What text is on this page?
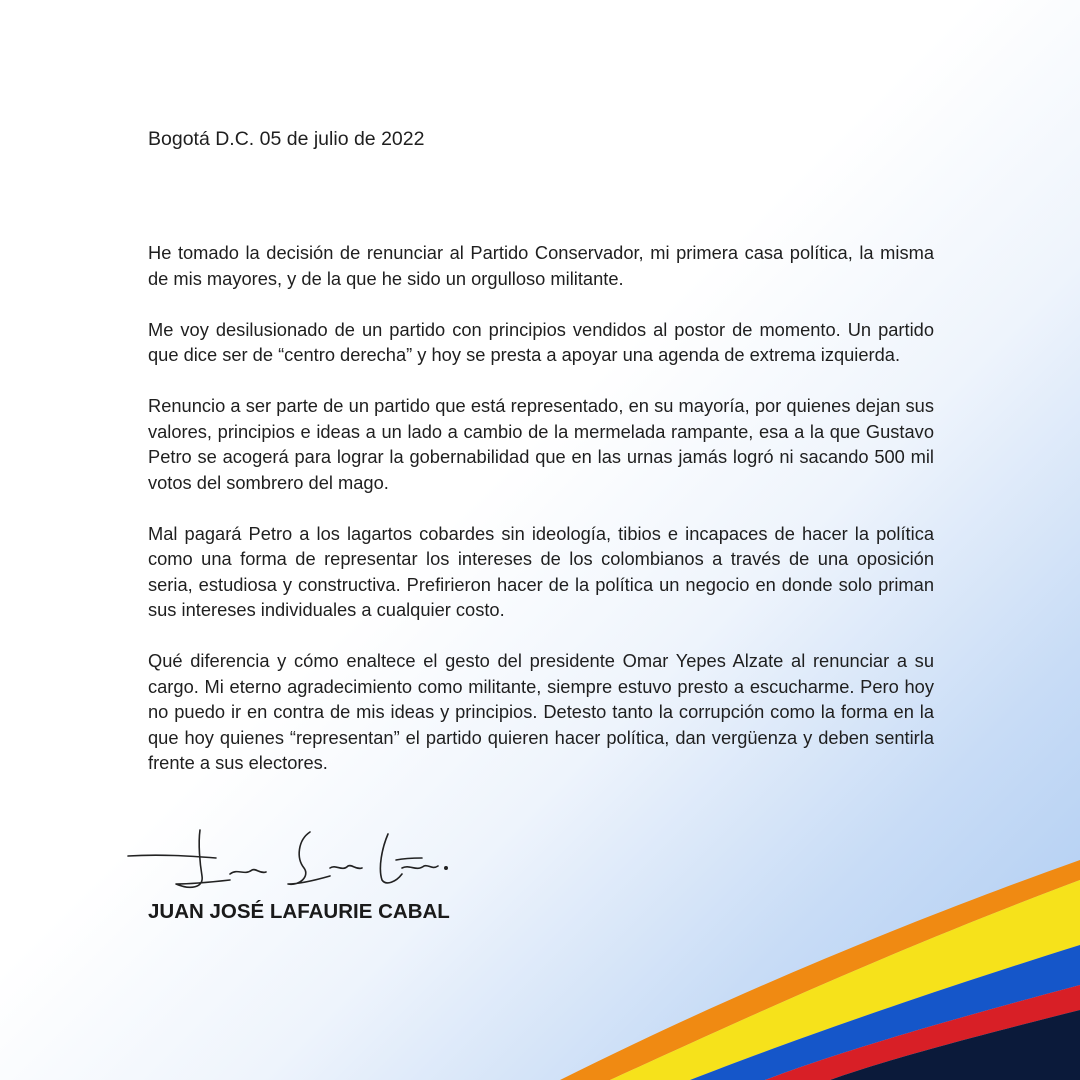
Bogotá D.C. 05 de julio de 2022

He tomado la decisión de renunciar al Partido Conservador, mi primera casa política, la misma de mis mayores, y de la que he sido un orgulloso militante.

Me voy desilusionado de un partido con principios vendidos al postor de momento. Un partido que dice ser de “centro derecha” y hoy se presta a apoyar una agenda de extrema izquierda.

Renuncio a ser parte de un partido que está representado, en su mayoría, por quienes dejan sus valores, principios e ideas a un lado a cambio de la mermelada rampante, esa a la que Gustavo Petro se acogerá para lograr la gobernabilidad que en las urnas jamás logró ni sacando 500 mil votos del sombrero del mago.

Mal pagará Petro a los lagartos cobardes sin ideología, tibios e incapaces de hacer la política como una forma de representar los intereses de los colombianos a través de una oposición seria, estudiosa y constructiva. Prefirieron hacer de la política un negocio en donde solo priman sus intereses individuales a cualquier costo.

Qué diferencia y cómo enaltece el gesto del presidente Omar Yepes Alzate al renunciar a su cargo. Mi eterno agradecimiento como militante, siempre estuvo presto a escucharme. Pero hoy no puedo ir en contra de mis ideas y principios. Detesto tanto la corrupción como la forma en la que hoy quienes “representan” el partido quieren hacer política, dan vergüenza y deben sentirla frente a sus electores.

JUAN JOSÉ LAFAURIE CABAL
